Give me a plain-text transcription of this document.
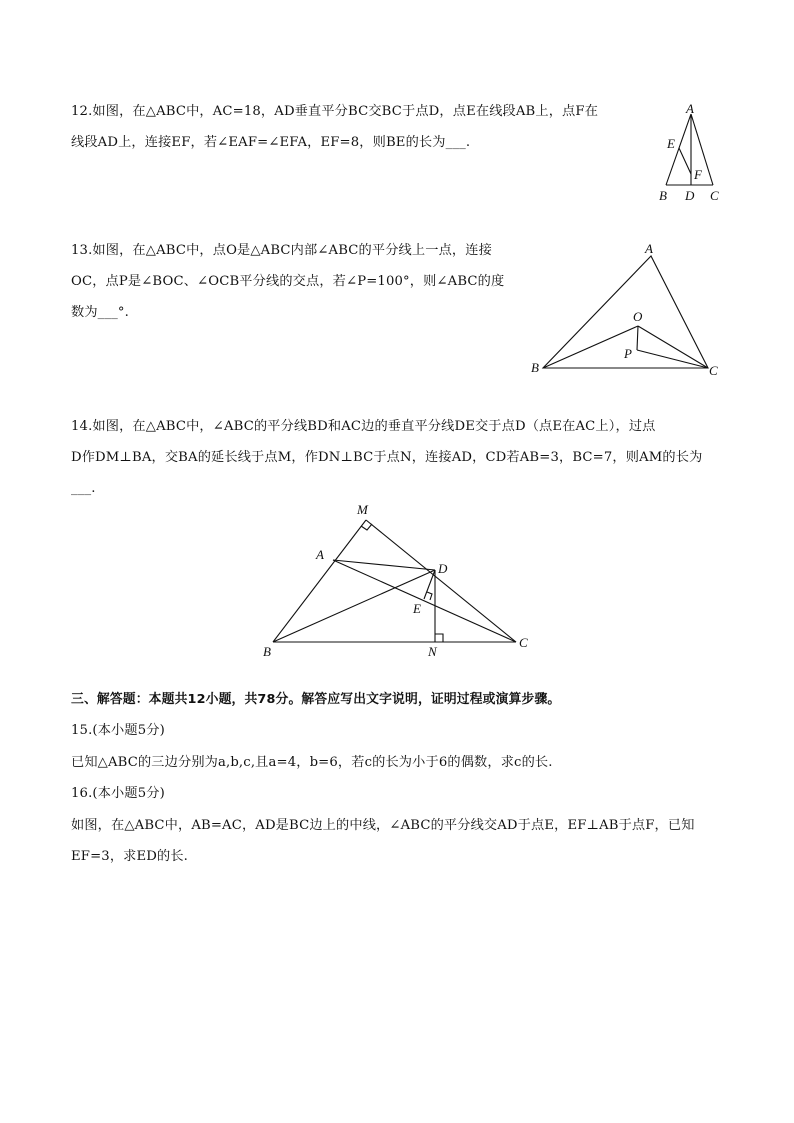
12.如图，在△ABC中，AC=18，AD垂直平分BC交BC于点D，点E在线段AB上，点F在
线段AD上，连接EF，若∠EAF=∠EFA，EF=8，则BE的长为___.
A
E
F
B D C
13.如图，在△ABC中，点O是△ABC内部∠ABC的平分线上一点，连接
OC，点P是∠BOC、∠OCB平分线的交点，若∠P=100°，则∠ABC的度
数为___°.
A
O
P
B	C
14.如图，在△ABC中，∠ABC的平分线BD和AC边的垂直平分线DE交于点D（点E在AC上），过点
D作DM⊥BA，交BA的延长线于点M，作DN⊥BC于点N，连接AD，CD若AB=3，BC=7，则AM的长为
___.
M
A
D
E
B	N
C
三、解答题：本题共12小题，共78分。解答应写出文字说明，证明过程或演算步骤。
15.(本小题5分)
已知△ABC的三边分别为a,b,c,且a=4，b=6，若c的长为小于6的偶数，求c的长.
16.(本小题5分)
如图，在△ABC中，AB=AC，AD是BC边上的中线，∠ABC的平分线交AD于点E，EF⊥AB于点F，已知
EF=3，求ED的长.
